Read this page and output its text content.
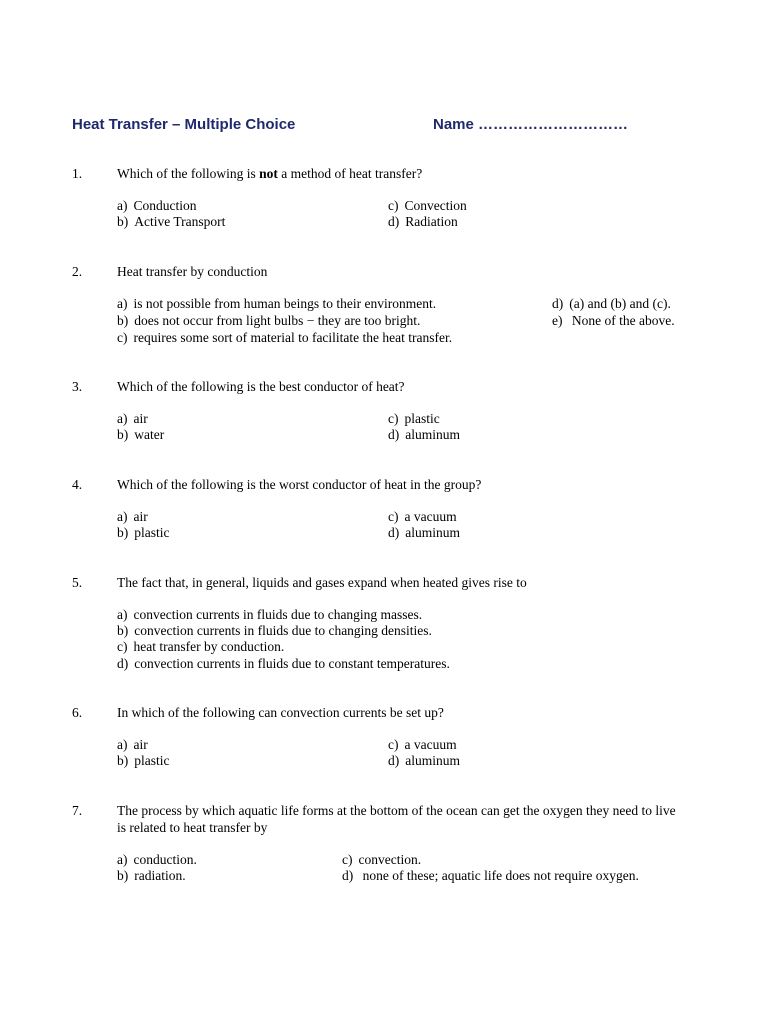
Heat Transfer – Multiple Choice	Name …………………………
1.	Which of the following is not a method of heat transfer?
a) Conduction
b) Active Transport
c) Convection
d) Radiation
2.	Heat transfer by conduction
a) is not possible from human beings to their environment.
b) does not occur from light bulbs − they are too bright.
c) requires some sort of material to facilitate the heat transfer.
d) (a) and (b) and (c).
e) None of the above.
3.	Which of the following is the best conductor of heat?
a) air
b) water
c) plastic
d) aluminum
4.	Which of the following is the worst conductor of heat in the group?
a) air
b) plastic
c) a vacuum
d) aluminum
5.	The fact that, in general, liquids and gases expand when heated gives rise to
a) convection currents in fluids due to changing masses.
b) convection currents in fluids due to changing densities.
c) heat transfer by conduction.
d) convection currents in fluids due to constant temperatures.
6.	In which of the following can convection currents be set up?
a) air
b) plastic
c) a vacuum
d) aluminum
7.	The process by which aquatic life forms at the bottom of the ocean can get the oxygen they need to live is related to heat transfer by
a) conduction.
b) radiation.
c) convection.
d) none of these; aquatic life does not require oxygen.
